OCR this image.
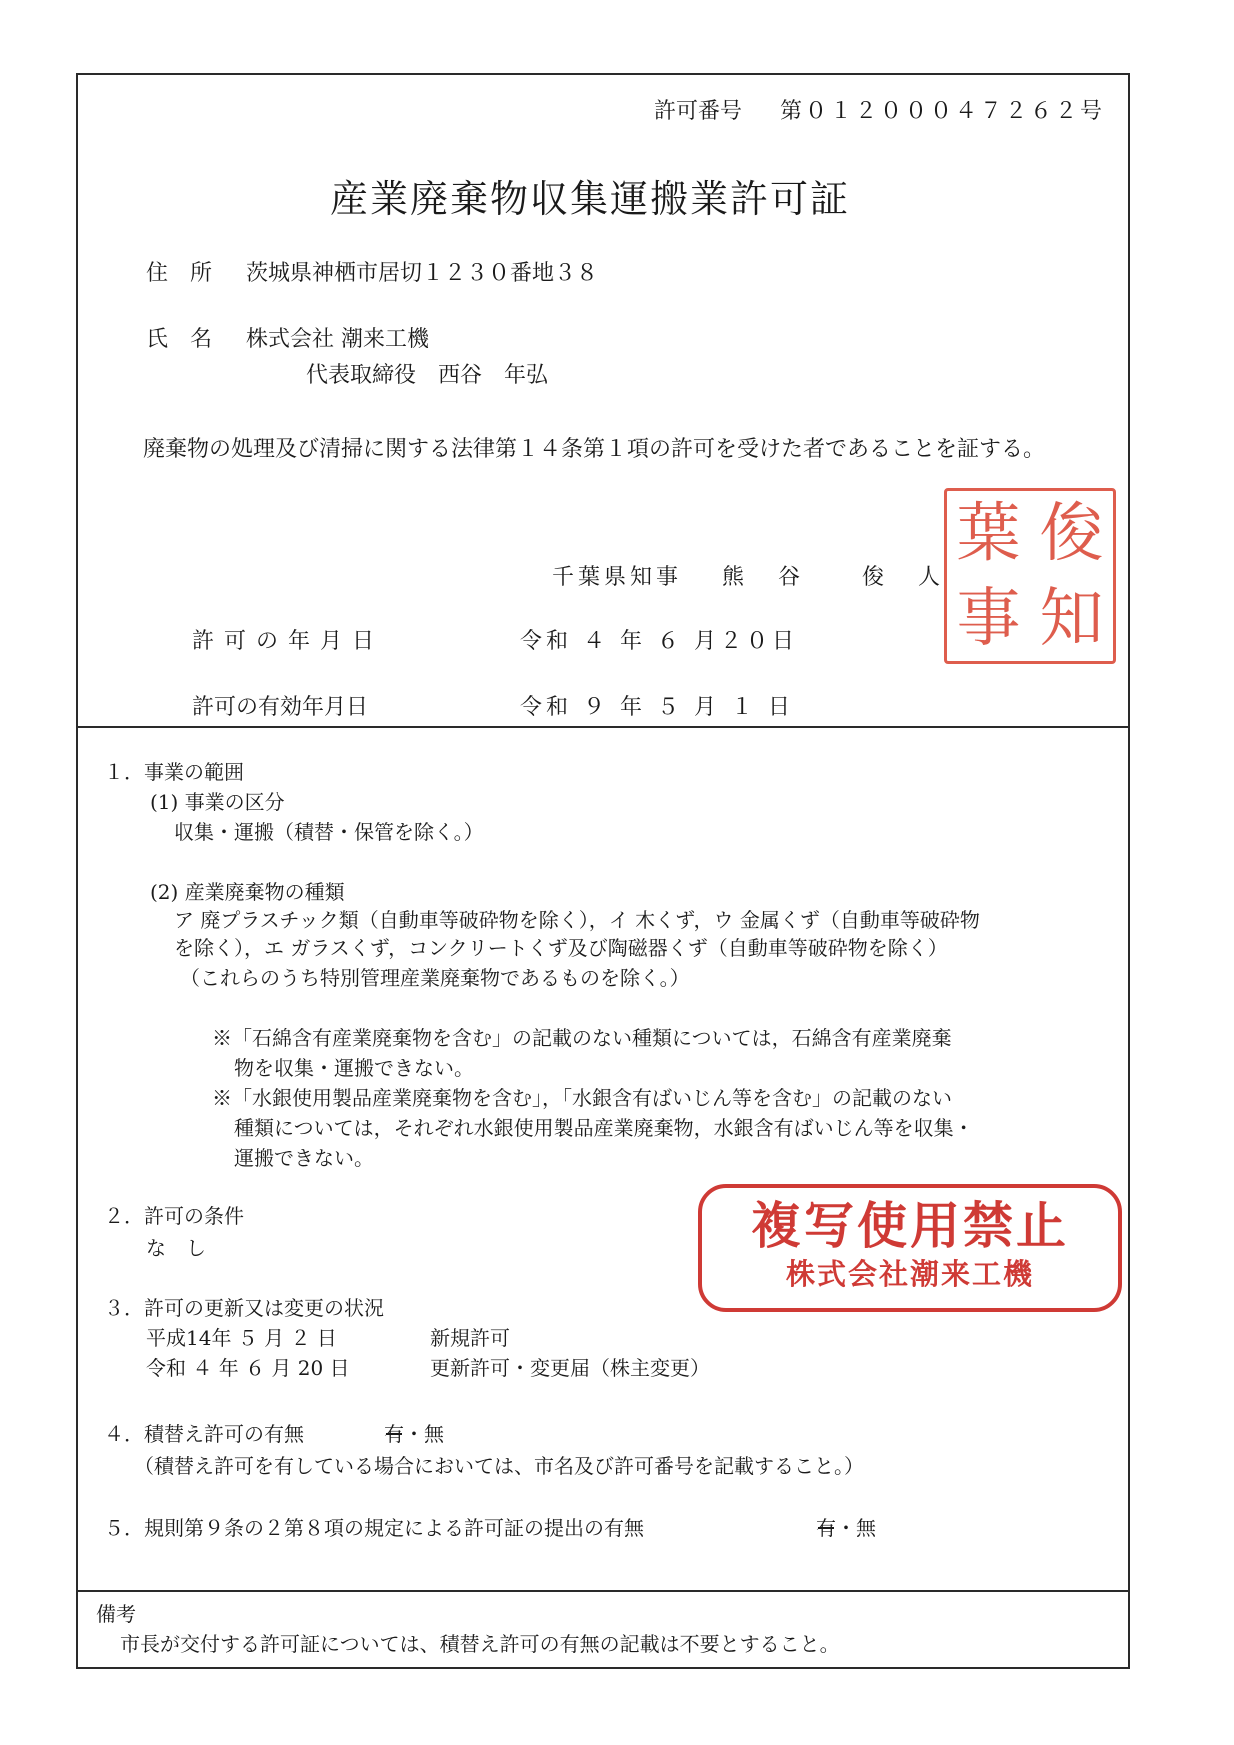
許可番号 第０１２０００４７２６２号
産業廃棄物収集運搬業許可証
住　所 茨城県神栖市居切１２３０番地３８
氏　名 株式会社 潮来工機
代表取締役　西谷　年弘
廃棄物の処理及び清掃に関する法律第１４条第１項の許可を受けた者であることを証する。
千葉県知事 熊　谷　　俊　人
葉 俊
事 知
許可の年月日	令和 ４ 年 ６ 月２０日
許可の有効年月日	令和 ９ 年 ５ 月 １ 日
１．事業の範囲
(1) 事業の区分
収集・運搬（積替・保管を除く。）
(2) 産業廃棄物の種類
ア 廃プラスチック類（自動車等破砕物を除く），イ 木くず，ウ 金属くず（自動車等破砕物
を除く），エ ガラスくず，コンクリートくず及び陶磁器くず（自動車等破砕物を除く）
（これらのうち特別管理産業廃棄物であるものを除く。）
※「石綿含有産業廃棄物を含む」の記載のない種類については，石綿含有産業廃棄
物を収集・運搬できない。
※「水銀使用製品産業廃棄物を含む」，「水銀含有ばいじん等を含む」の記載のない
種類については，それぞれ水銀使用製品産業廃棄物，水銀含有ばいじん等を収集・
運搬できない。
２．許可の条件
な　し	複写使用禁止
株式会社潮来工機
３．許可の更新又は変更の状況
平成14年 ５ 月 ２ 日	新規許可
令和 ４ 年 ６ 月 20 日	更新許可・変更届（株主変更）
４．積替え許可の有無	有・無
（積替え許可を有している場合においては、市名及び許可番号を記載すること。）
５．規則第９条の２第８項の規定による許可証の提出の有無	有・無
備考
市長が交付する許可証については、積替え許可の有無の記載は不要とすること。
